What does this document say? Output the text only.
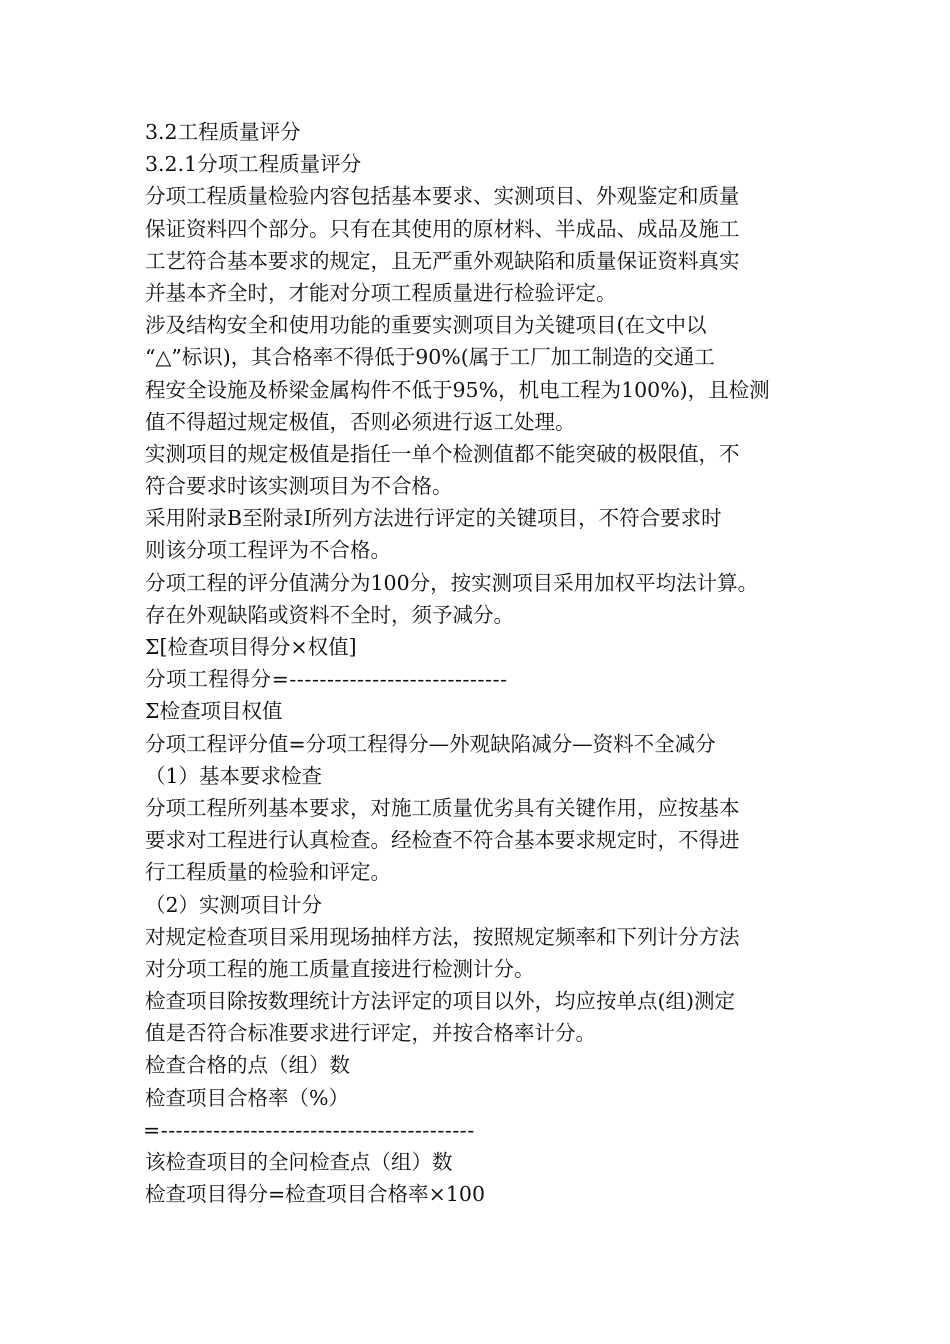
3.2工程质量评分

3.2.1分项工程质量评分

分项工程质量检验内容包括基本要求、实测项目、外观鉴定和质量

保证资料四个部分。只有在其使用的原材料、半成品、成品及施工

工艺符合基本要求的规定，且无严重外观缺陷和质量保证资料真实

并基本齐全时，才能对分项工程质量进行检验评定。

涉及结构安全和使用功能的重要实测项目为关键项目(在文中以

“△”标识)，其合格率不得低于90%(属于工厂加工制造的交通工

程安全设施及桥梁金属构件不低于95%，机电工程为100%)，且检测

值不得超过规定极值，否则必须进行返工处理。

实测项目的规定极值是指任一单个检测值都不能突破的极限值，不

符合要求时该实测项目为不合格。

采用附录B至附录I所列方法进行评定的关键项目，不符合要求时

则该分项工程评为不合格。

分项工程的评分值满分为100分，按实测项目采用加权平均法计算。

存在外观缺陷或资料不全时，须予减分。

Σ[检查项目得分×权值]

分项工程得分=-----------------------------

Σ检查项目权值

分项工程评分值=分项工程得分—外观缺陷减分—资料不全减分

（1）基本要求检查

分项工程所列基本要求，对施工质量优劣具有关键作用，应按基本

要求对工程进行认真检查。经检查不符合基本要求规定时，不得进

行工程质量的检验和评定。

（2）实测项目计分

对规定检查项目采用现场抽样方法，按照规定频率和下列计分方法

对分项工程的施工质量直接进行检测计分。

检查项目除按数理统计方法评定的项目以外，均应按单点(组)测定

值是否符合标准要求进行评定，并按合格率计分。

检查合格的点（组）数

检查项目合格率（%）

=------------------------------------------

该检查项目的全问检查点（组）数

检查项目得分=检查项目合格率×100
